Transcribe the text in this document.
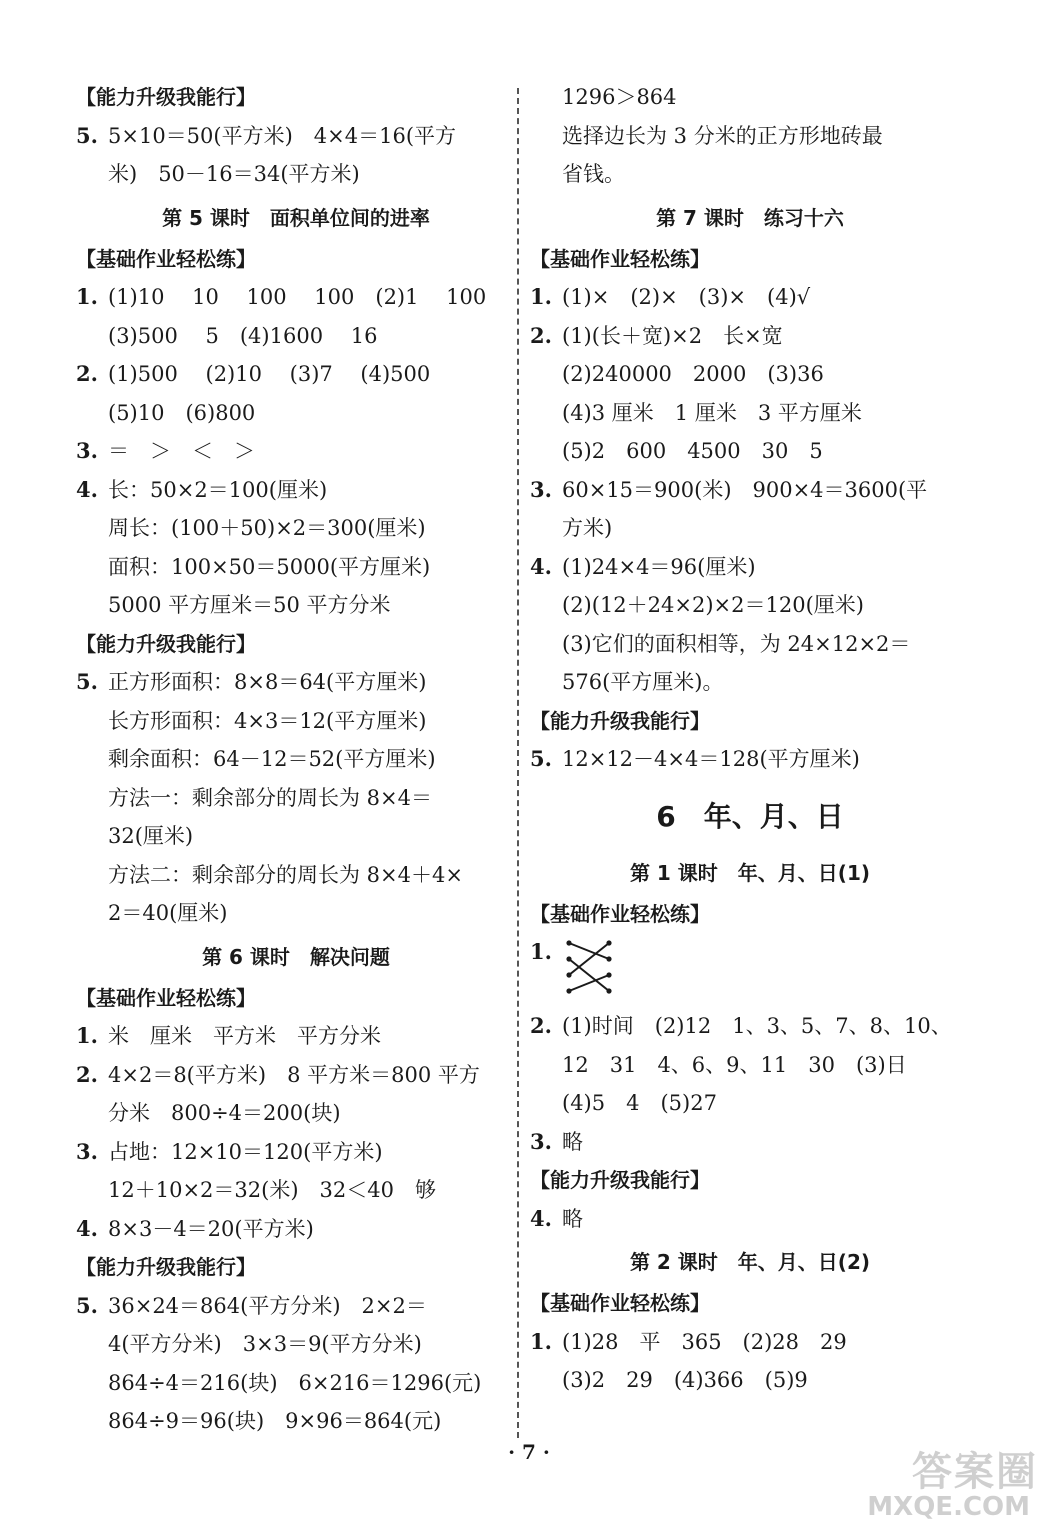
【能力升级我能行】
5. 5×10＝50(平方米)　4×4＝16(平方
米)　50－16＝34(平方米)
第 5 课时　面积单位间的进率
【基础作业轻松练】
1. (1)10　 10　 100　 100　(2)1　 100
(3)500　 5　(4)1600　 16
2. (1)500　 (2)10　 (3)7　 (4)500
(5)10　(6)800
3. ＝　＞　＜　＞
4. 长：50×2＝100(厘米)
周长：(100＋50)×2＝300(厘米)
面积：100×50＝5000(平方厘米)
5000 平方厘米＝50 平方分米
【能力升级我能行】
5. 正方形面积：8×8＝64(平方厘米)
长方形面积：4×3＝12(平方厘米)
剩余面积：64－12＝52(平方厘米)
方法一：剩余部分的周长为 8×4＝
32(厘米)
方法二：剩余部分的周长为 8×4＋4×
2＝40(厘米)
第 6 课时　解决问题
【基础作业轻松练】
1. 米　厘米　平方米　平方分米
2. 4×2＝8(平方米)　8 平方米＝800 平方
分米　800÷4＝200(块)
3. 占地：12×10＝120(平方米)
12＋10×2＝32(米)　32＜40　够
4. 8×3－4＝20(平方米)
【能力升级我能行】
5. 36×24＝864(平方分米)　2×2＝
4(平方分米)　3×3＝9(平方分米)
864÷4＝216(块)　6×216＝1296(元)
864÷9＝96(块)　9×96＝864(元)
1296＞864
选择边长为 3 分米的正方形地砖最
省钱。
第 7 课时　练习十六
【基础作业轻松练】
1. (1)×　(2)×　(3)×　(4)√
2. (1)(长＋宽)×2　长×宽
(2)240000　2000　(3)36
(4)3 厘米　1 厘米　3 平方厘米
(5)2　600　4500　30　5
3. 60×15＝900(米)　900×4＝3600(平
方米)
4. (1)24×4＝96(厘米)
(2)(12＋24×2)×2＝120(厘米)
(3)它们的面积相等，为 24×12×2＝
576(平方厘米)。
【能力升级我能行】
5. 12×12－4×4＝128(平方厘米)
6　年、月、日
第 1 课时　年、月、日(1)
【基础作业轻松练】
1.
2. (1)时间　(2)12　1、3、5、7、8、10、
12　31　4、6、9、11　30　(3)日
(4)5　4　(5)27
3. 略
【能力升级我能行】
4. 略
第 2 课时　年、月、日(2)
【基础作业轻松练】
1. (1)28　平　365　(2)28　29
(3)2　29　(4)366　(5)9
· 7 ·	答案圈
MXQE.COM
